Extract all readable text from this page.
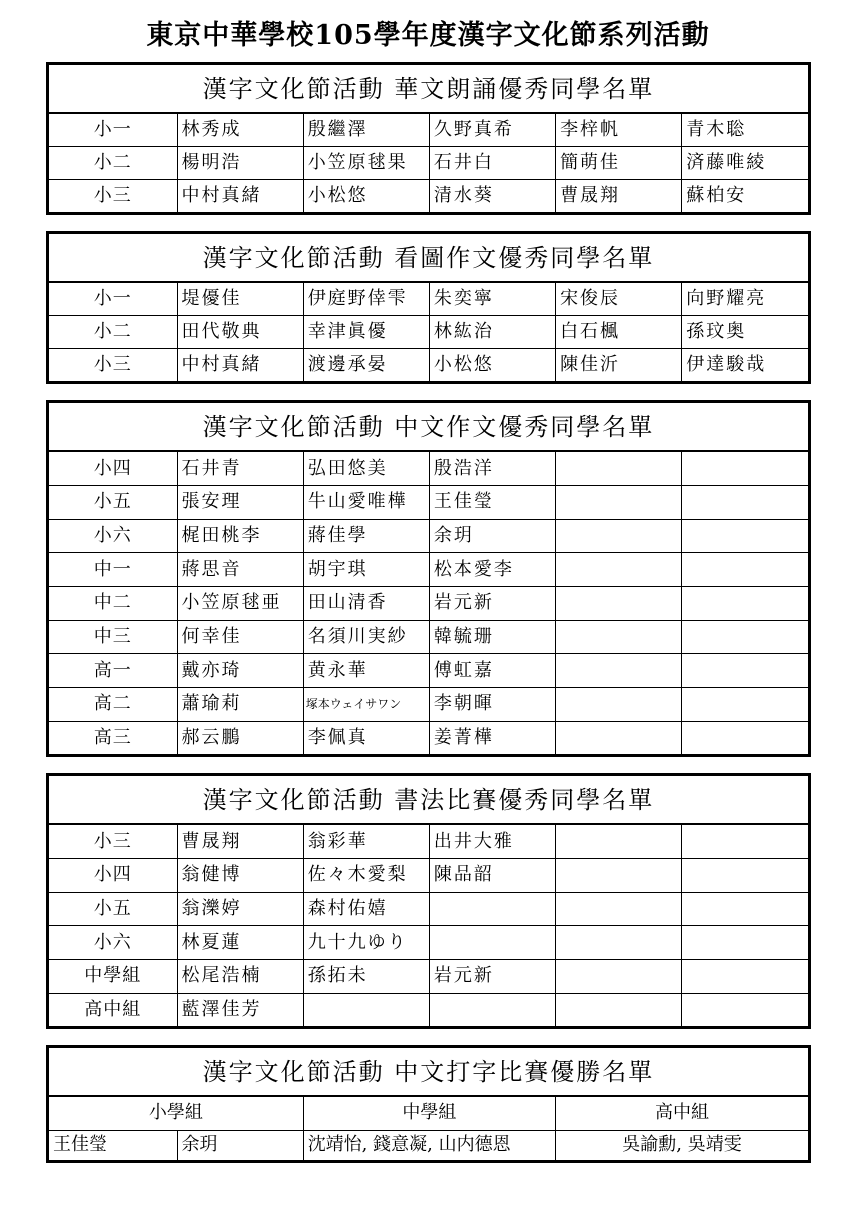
東京中華學校105學年度漢字文化節系列活動
漢字文化節活動 華文朗誦優秀同學名單					
小一	林秀成	殷繼澤	久野真希	李梓帆	青木聡
小二	楊明浩	小笠原毬果	石井白	簡萌佳	済藤唯綾
小三	中村真緒	小松悠	清水葵	曹晟翔	蘇柏安
漢字文化節活動 看圖作文優秀同學名單					
小一	堤優佳	伊庭野倖雫	朱奕寧	宋俊辰	向野耀亮
小二	田代敬典	幸津眞優	林紘治	白石楓	孫玟奥
小三	中村真緒	渡邊承晏	小松悠	陳佳沂	伊達駿哉
漢字文化節活動 中文作文優秀同學名單					
小四	石井青	弘田悠美	殷浩洋		
小五	張安理	牛山愛唯樺	王佳瑩		
小六	梶田桃李	蔣佳學	余玥		
中一	蔣思音	胡宇琪	松本愛李		
中二	小笠原毬亜	田山清香	岩元新		
中三	何幸佳	名須川実紗	韓毓珊		
高一	戴亦琦	黄永華	傅虹嘉		
高二	蕭瑜莉	塚本ウェイサワン	李朝暉		
高三	郝云鵬	李佩真	姜菁樺		
漢字文化節活動 書法比賽優秀同學名單					
小三	曹晟翔	翁彩華	出井大雅		
小四	翁健博	佐々木愛梨	陳品韶		
小五	翁濼婷	森村佑嬉			
小六	林夏蓮	九十九ゆり			
中學組	松尾浩楠	孫拓未	岩元新		
高中組	藍澤佳芳				
漢字文化節活動 中文打字比賽優勝名單			
小學組		中學組	高中組
王佳瑩	余玥	沈靖怡, 錢意凝, 山内德恩	吳諭勳, 吳靖雯
